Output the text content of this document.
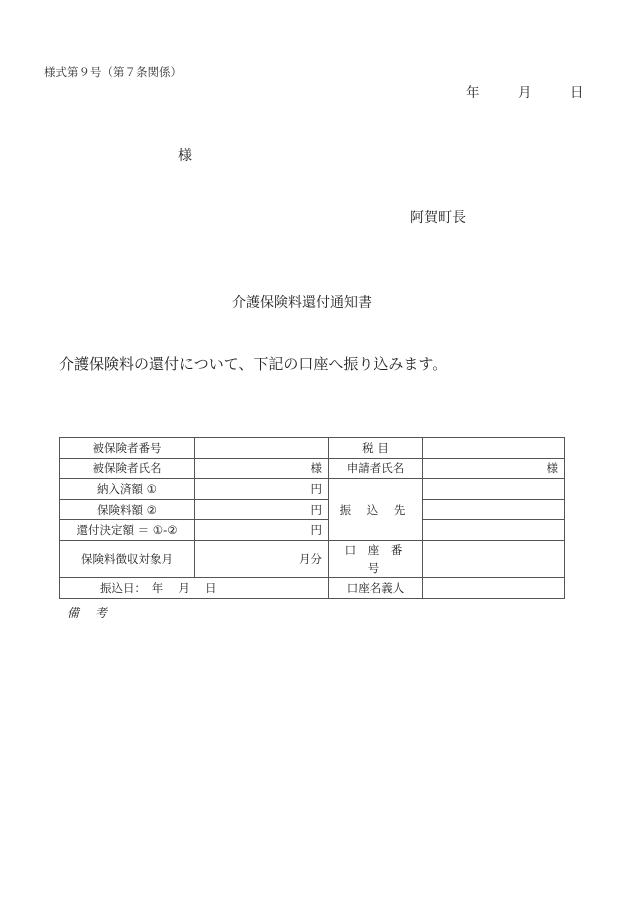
様式第９号（第７条関係）
年	月	日
様
阿賀町長
介護保険料還付通知書
介護保険料の還付について、下記の口座へ振り込みます。
被保険者番号		税 目	
被保険者氏名	様	申請者氏名	様
納入済額 ①	円	振 込 先	
保険料額 ②	円		
還付決定額 ＝ ①-②	円		
保険料徴収対象月	月分	口 座 番 号	
振込日：　年　 月　 日		口座名義人	
備 考
